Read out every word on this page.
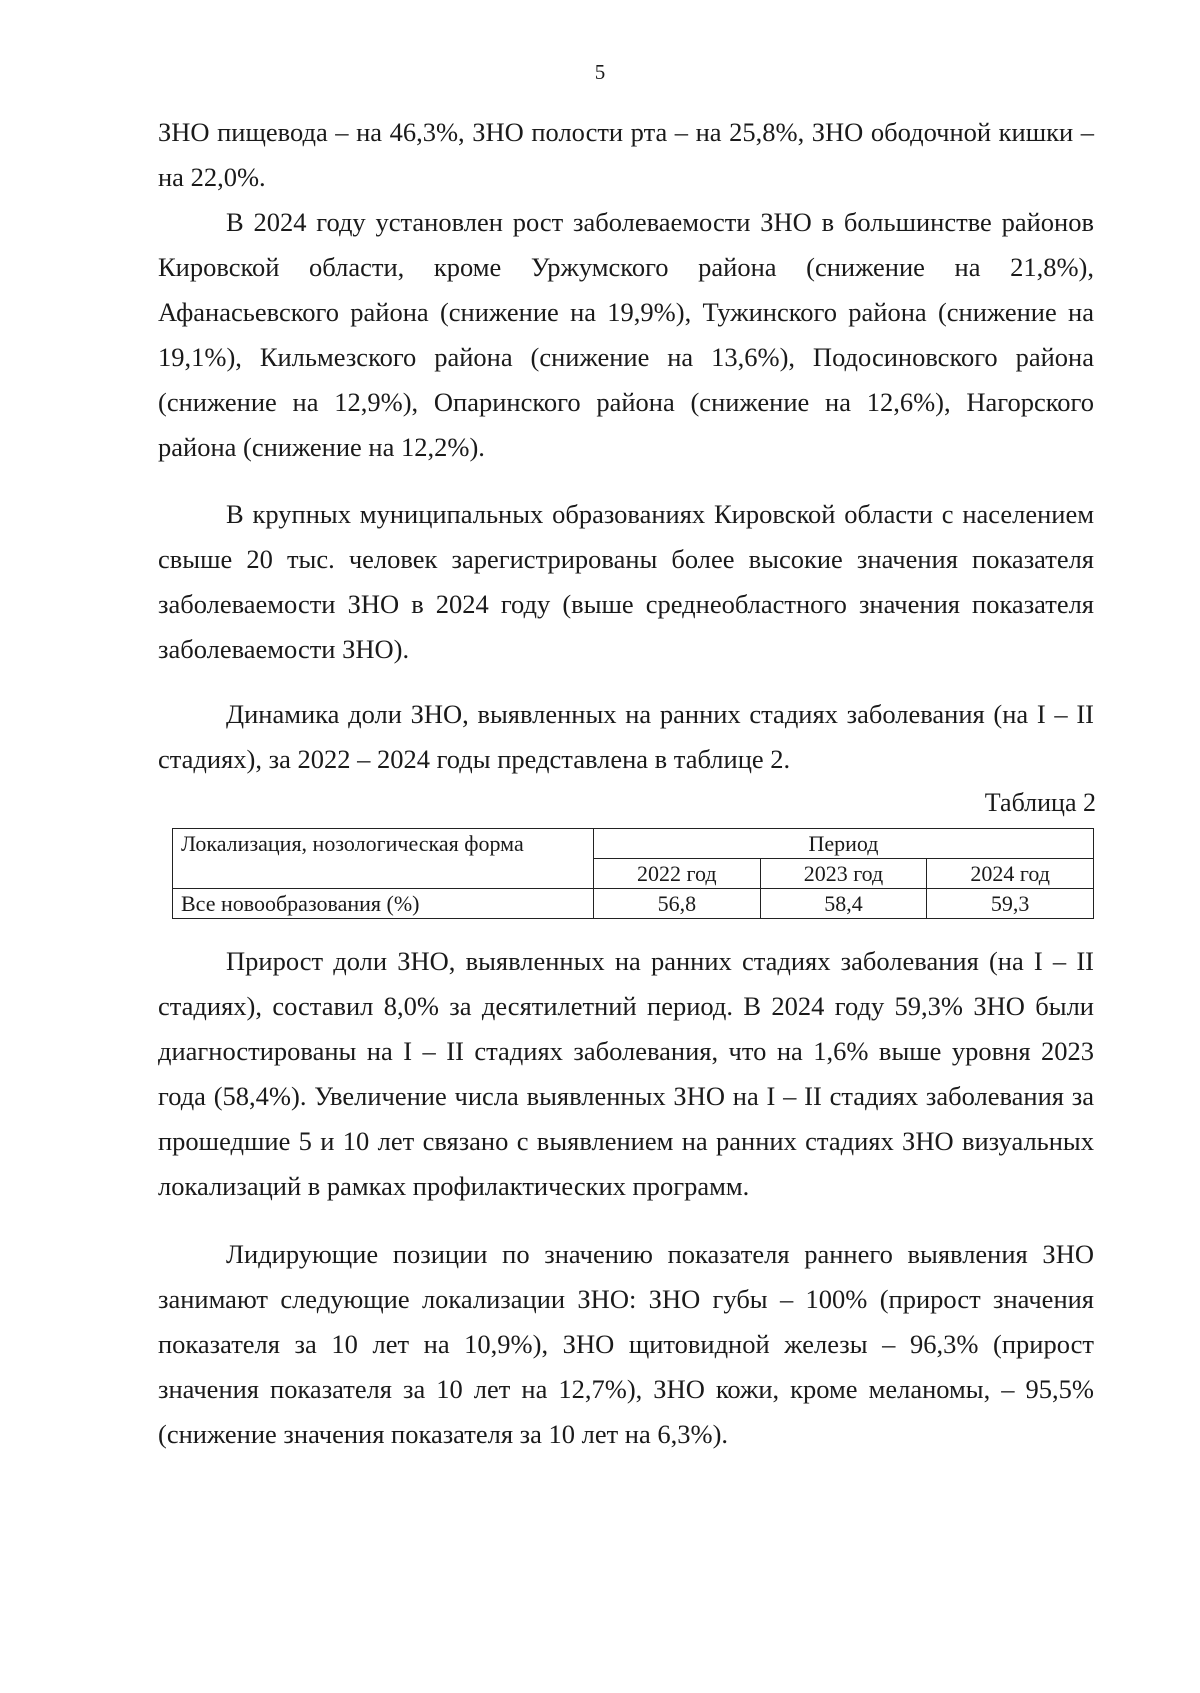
5

ЗНО пищевода – на 46,3%, ЗНО полости рта – на 25,8%, ЗНО ободочной кишки – на 22,0%.

В 2024 году установлен рост заболеваемости ЗНО в большинстве районов Кировской области, кроме Уржумского района (снижение на 21,8%), Афанасьевского района (снижение на 19,9%), Тужинского района (снижение на 19,1%), Кильмезского района (снижение на 13,6%), Подосиновского района (снижение на 12,9%), Опаринского района (снижение на 12,6%), Нагорского района (снижение на 12,2%).

В крупных муниципальных образованиях Кировской области с населением свыше 20 тыс. человек зарегистрированы более высокие значения показателя заболеваемости ЗНО в 2024 году (выше среднеобластного значения показателя заболеваемости ЗНО).

Динамика доли ЗНО, выявленных на ранних стадиях заболевания (на I – II стадиях), за 2022 – 2024 годы представлена в таблице 2.

Таблица 2
Локализация, нозологическая форма	Период		
	2022 год	2023 год	2024 год
Все новообразования (%)	56,8	58,4	59,3

Прирост доли ЗНО, выявленных на ранних стадиях заболевания (на I – II стадиях), составил 8,0% за десятилетний период. В 2024 году 59,3% ЗНО были диагностированы на I – II стадиях заболевания, что на 1,6% выше уровня 2023 года (58,4%). Увеличение числа выявленных ЗНО на I – II стадиях заболевания за прошедшие 5 и 10 лет связано с выявлением на ранних стадиях ЗНО визуальных локализаций в рамках профилактических программ.

Лидирующие позиции по значению показателя раннего выявления ЗНО занимают следующие локализации ЗНО: ЗНО губы – 100% (прирост значения показателя за 10 лет на 10,9%), ЗНО щитовидной железы – 96,3% (прирост значения показателя за 10 лет на 12,7%), ЗНО кожи, кроме меланомы, – 95,5% (снижение значения показателя за 10 лет на 6,3%).
